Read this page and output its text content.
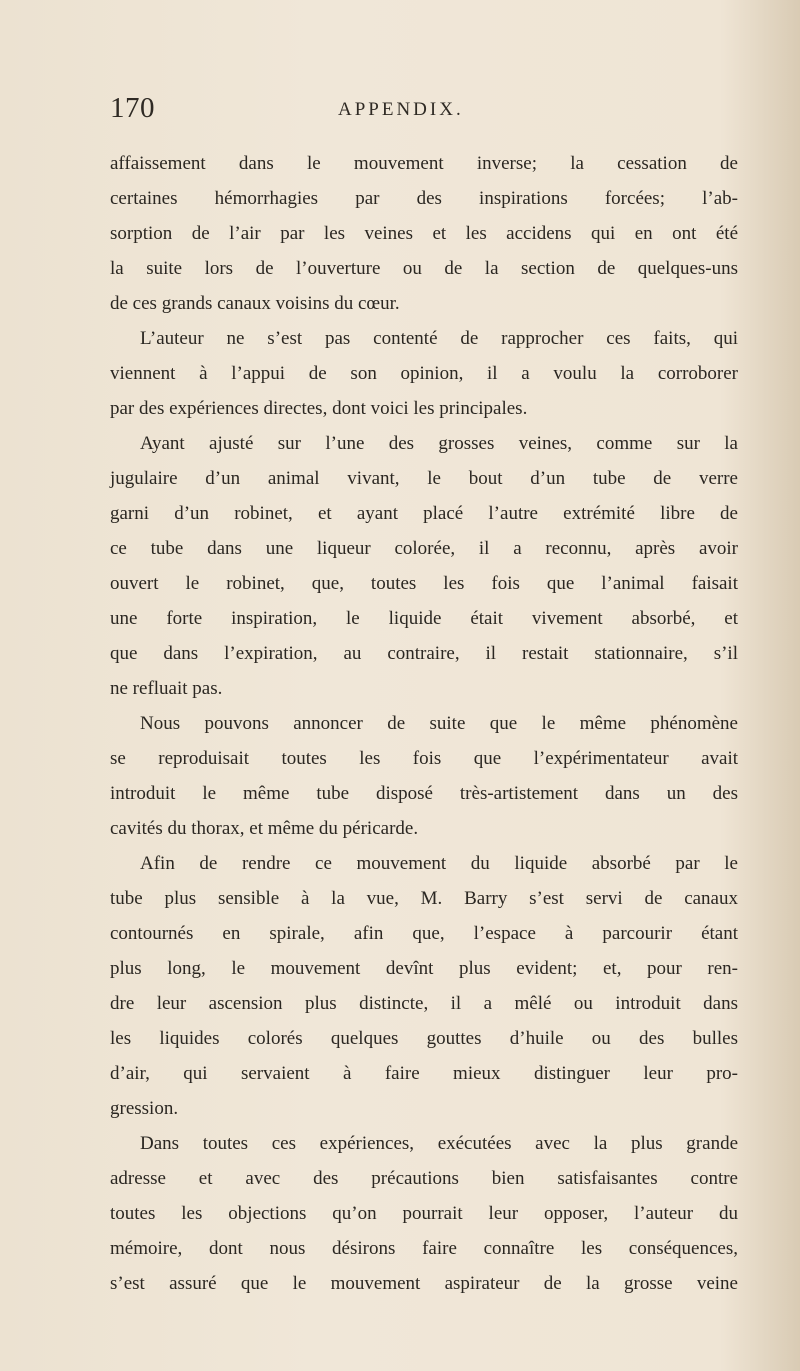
170	APPENDIX.
affaissement dans le mouvement inverse; la cessation de
certaines hémorrhagies par des inspirations forcées; l’ab-
sorption de l’air par les veines et les accidens qui en ont été
la suite lors de l’ouverture ou de la section de quelques-uns
de ces grands canaux voisins du cœur.
L’auteur ne s’est pas contenté de rapprocher ces faits, qui
viennent à l’appui de son opinion, il a voulu la corroborer
par des expériences directes, dont voici les principales.
Ayant ajusté sur l’une des grosses veines, comme sur la
jugulaire d’un animal vivant, le bout d’un tube de verre
garni d’un robinet, et ayant placé l’autre extrémité libre de
ce tube dans une liqueur colorée, il a reconnu, après avoir
ouvert le robinet, que, toutes les fois que l’animal faisait
une forte inspiration, le liquide était vivement absorbé, et
que dans l’expiration, au contraire, il restait stationnaire, s’il
ne refluait pas.
Nous pouvons annoncer de suite que le même phénomène
se reproduisait toutes les fois que l’expérimentateur avait
introduit le même tube disposé très-artistement dans un des
cavités du thorax, et même du péricarde.
Afin de rendre ce mouvement du liquide absorbé par le
tube plus sensible à la vue, M. Barry s’est servi de canaux
contournés en spirale, afin que, l’espace à parcourir étant
plus long, le mouvement devînt plus evident; et, pour ren-
dre leur ascension plus distincte, il a mêlé ou introduit dans
les liquides colorés quelques gouttes d’huile ou des bulles
d’air, qui servaient à faire mieux distinguer leur pro-
gression.
Dans toutes ces expériences, exécutées avec la plus grande
adresse et avec des précautions bien satisfaisantes contre
toutes les objections qu’on pourrait leur opposer, l’auteur du
mémoire, dont nous désirons faire connaître les conséquences,
s’est assuré que le mouvement aspirateur de la grosse veine
